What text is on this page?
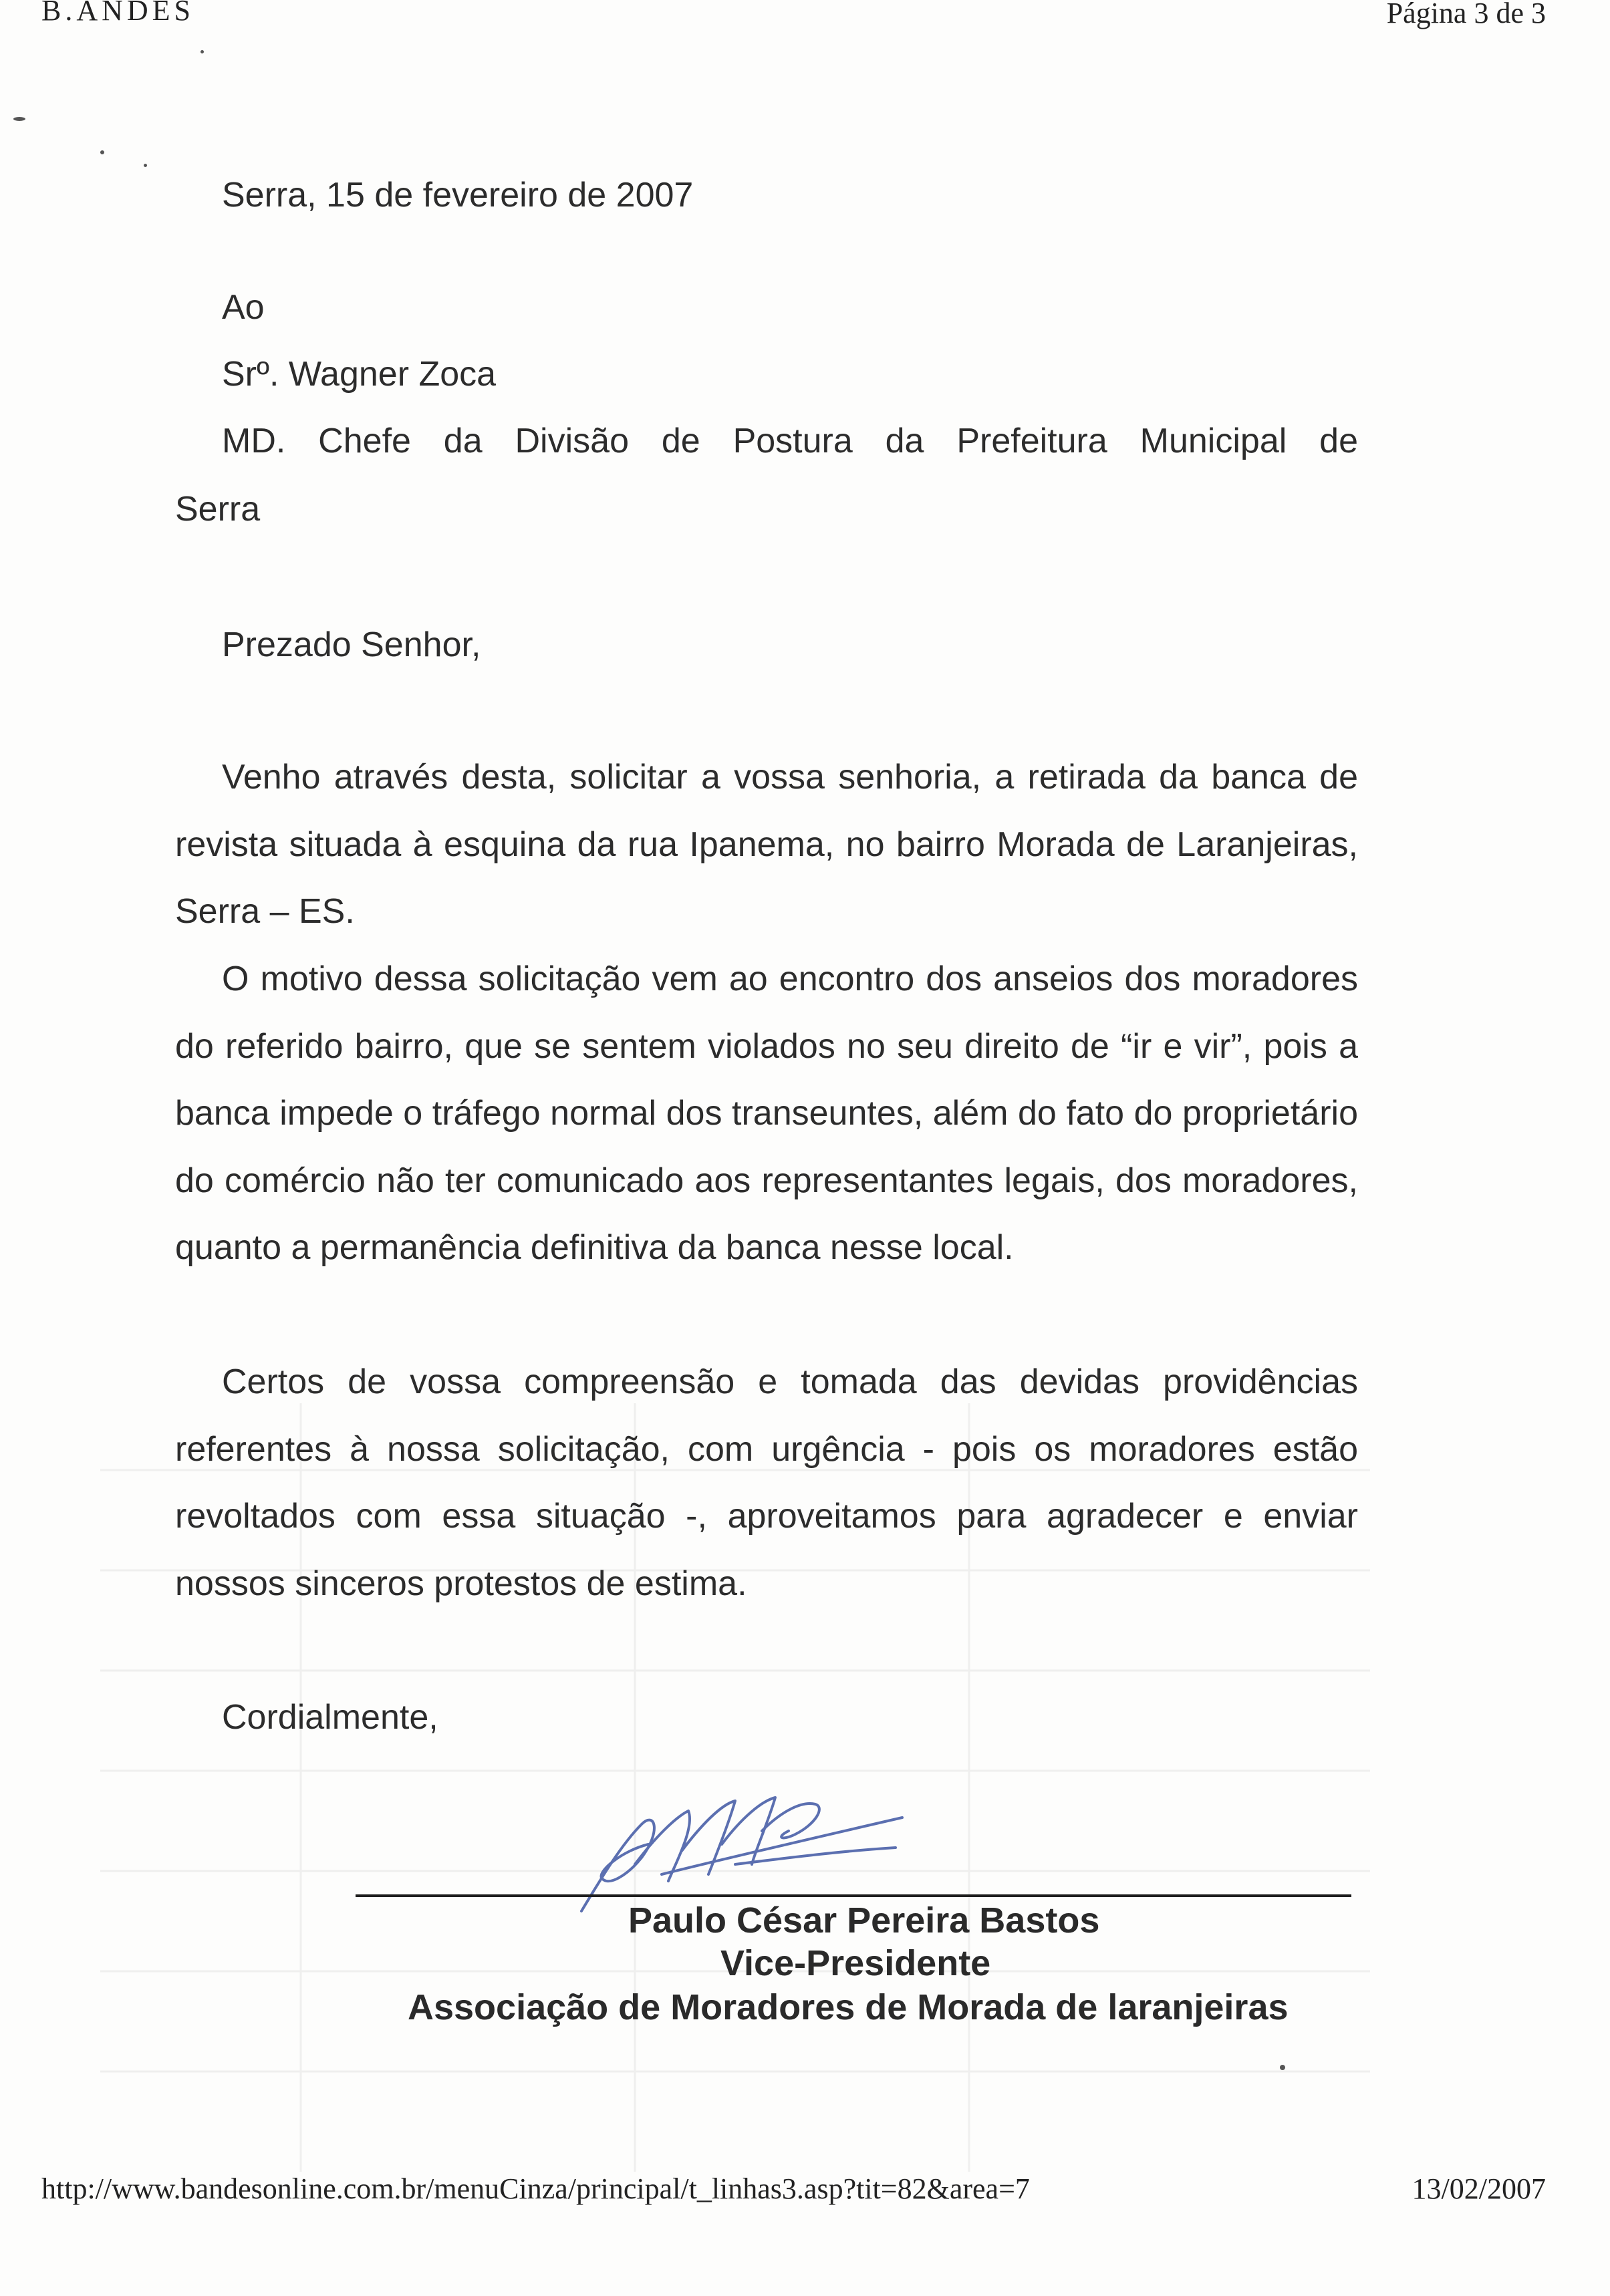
B.ANDES	Página 3 de 3
Serra, 15 de fevereiro de 2007
Ao
Srº. Wagner Zoca
MD. Chefe da Divisão de Postura da Prefeitura Municipal de
Serra
Prezado Senhor,

Venho através desta, solicitar a vossa senhoria, a retirada da banca de revista situada à esquina da rua Ipanema, no bairro Morada de Laranjeiras, Serra – ES.

O motivo dessa solicitação vem ao encontro dos anseios dos moradores do referido bairro, que se sentem violados no seu direito de “ir e vir”, pois a banca impede o tráfego normal dos transeuntes, além do fato do proprietário do comércio não ter comunicado aos representantes legais, dos moradores, quanto a permanência definitiva da banca nesse local.

Certos de vossa compreensão e tomada das devidas providências referentes à nossa solicitação, com urgência - pois os moradores estão revoltados com essa situação -, aproveitamos para agradecer e enviar nossos sinceros protestos de estima.

Cordialmente,
Paulo César Pereira Bastos
Vice-Presidente
Associação de Moradores de Morada de laranjeiras
http://www.bandesonline.com.br/menuCinza/principal/t_linhas3.asp?tit=82&area=7	13/02/2007
